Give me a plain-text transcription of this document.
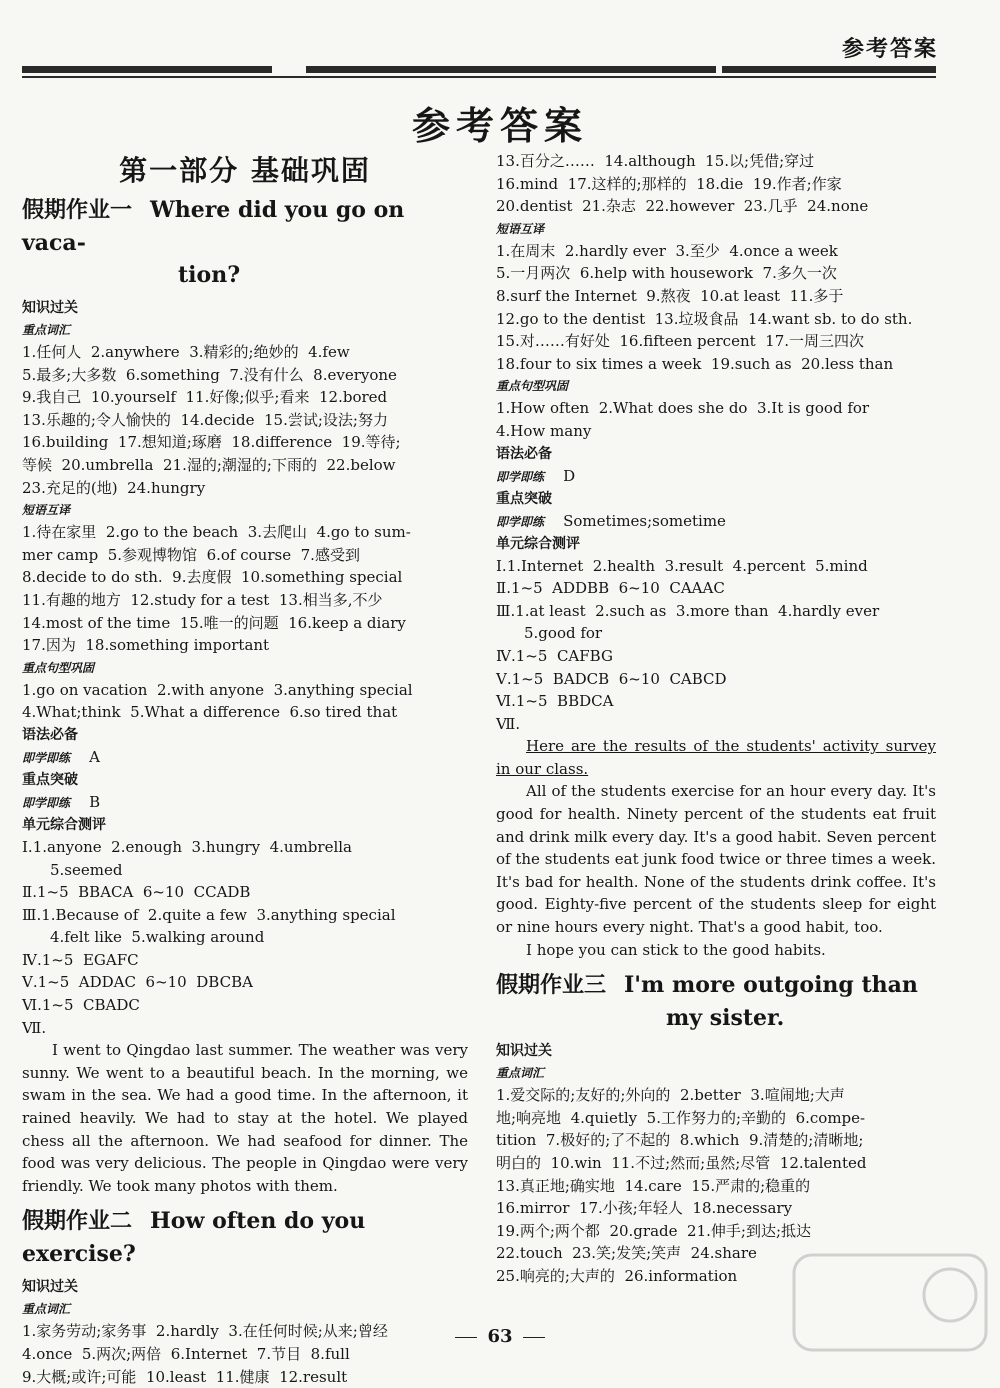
参考答案
参考答案
第一部分 基础巩固
假期作业一 Where did you go on vaca-
tion?
知识过关
重点词汇
1.任何人  2.anywhere  3.精彩的;绝妙的  4.few
5.最多;大多数  6.something  7.没有什么  8.everyone
9.我自己  10.yourself  11.好像;似乎;看来  12.bored
13.乐趣的;令人愉快的  14.decide  15.尝试;设法;努力
16.building  17.想知道;琢磨  18.difference  19.等待;
等候  20.umbrella  21.湿的;潮湿的;下雨的  22.below
23.充足的(地)  24.hungry
短语互译
1.待在家里  2.go to the beach  3.去爬山  4.go to sum-
mer camp  5.参观博物馆  6.of course  7.感受到
8.decide to do sth.  9.去度假  10.something special
11.有趣的地方  12.study for a test  13.相当多,不少
14.most of the time  15.唯一的问题  16.keep a diary
17.因为  18.something important
重点句型巩固
1.go on vacation  2.with anyone  3.anything special
4.What;think  5.What a difference  6.so tired that
语法必备
即学即练 A
重点突破
即学即练 B
单元综合测评
Ⅰ.1.anyone  2.enough  3.hungry  4.umbrella
5.seemed
Ⅱ.1~5  BBACA  6~10  CCADB
Ⅲ.1.Because of  2.quite a few  3.anything special
4.felt like  5.walking around
Ⅳ.1~5  EGAFC
Ⅴ.1~5  ADDAC  6~10  DBCBA
Ⅵ.1~5  CBADC
Ⅶ.

I went to Qingdao last summer. The weather was very sunny. We went to a beautiful beach. In the morning, we swam in the sea. We had a good time. In the afternoon, it rained heavily. We had to stay at the hotel. We played chess all the afternoon. We had seafood for dinner. The food was very delicious. The people in Qingdao were very friendly. We took many photos with them.

假期作业二 How often do you exercise?
知识过关
重点词汇
1.家务劳动;家务事  2.hardly  3.在任何时候;从来;曾经
4.once  5.两次;两倍  6.Internet  7.节目  8.full
9.大概;或许;可能  10.least  11.健康  12.result
13.百分之……  14.although  15.以;凭借;穿过
16.mind  17.这样的;那样的  18.die  19.作者;作家
20.dentist  21.杂志  22.however  23.几乎  24.none
短语互译
1.在周末  2.hardly ever  3.至少  4.once a week
5.一月两次  6.help with housework  7.多久一次
8.surf the Internet  9.熬夜  10.at least  11.多于
12.go to the dentist  13.垃圾食品  14.want sb. to do sth.
15.对……有好处  16.fifteen percent  17.一周三四次
18.four to six times a week  19.such as  20.less than
重点句型巩固
1.How often  2.What does she do  3.It is good for
4.How many
语法必备
即学即练 D
重点突破
即学即练 Sometimes;sometime
单元综合测评
Ⅰ.1.Internet  2.health  3.result  4.percent  5.mind
Ⅱ.1~5  ADDBB  6~10  CAAAC
Ⅲ.1.at least  2.such as  3.more than  4.hardly ever
5.good for
Ⅳ.1~5  CAFBG
Ⅴ.1~5  BADCB  6~10  CABCD
Ⅵ.1~5  BBDCA
Ⅶ.

Here are the results of the students' activity survey in our class.

All of the students exercise for an hour every day. It's good for health. Ninety percent of the students eat fruit and drink milk every day. It's a good habit. Seven percent of the students eat junk food twice or three times a week. It's bad for health. None of the students drink coffee. It's good. Eighty-five percent of the students sleep for eight or nine hours every night. That's a good habit, too.

I hope you can stick to the good habits.

假期作业三 I'm more outgoing than
my sister.
知识过关
重点词汇
1.爱交际的;友好的;外向的  2.better  3.喧闹地;大声
地;响亮地  4.quietly  5.工作努力的;辛勤的  6.compe-
tition  7.极好的;了不起的  8.which  9.清楚的;清晰地;
明白的  10.win  11.不过;然而;虽然;尽管  12.talented
13.真正地;确实地  14.care  15.严肃的;稳重的
16.mirror  17.小孩;年轻人  18.necessary
19.两个;两个都  20.grade  21.伸手;到达;抵达
22.touch  23.笑;发笑;笑声  24.share
25.响亮的;大声的  26.information
63
